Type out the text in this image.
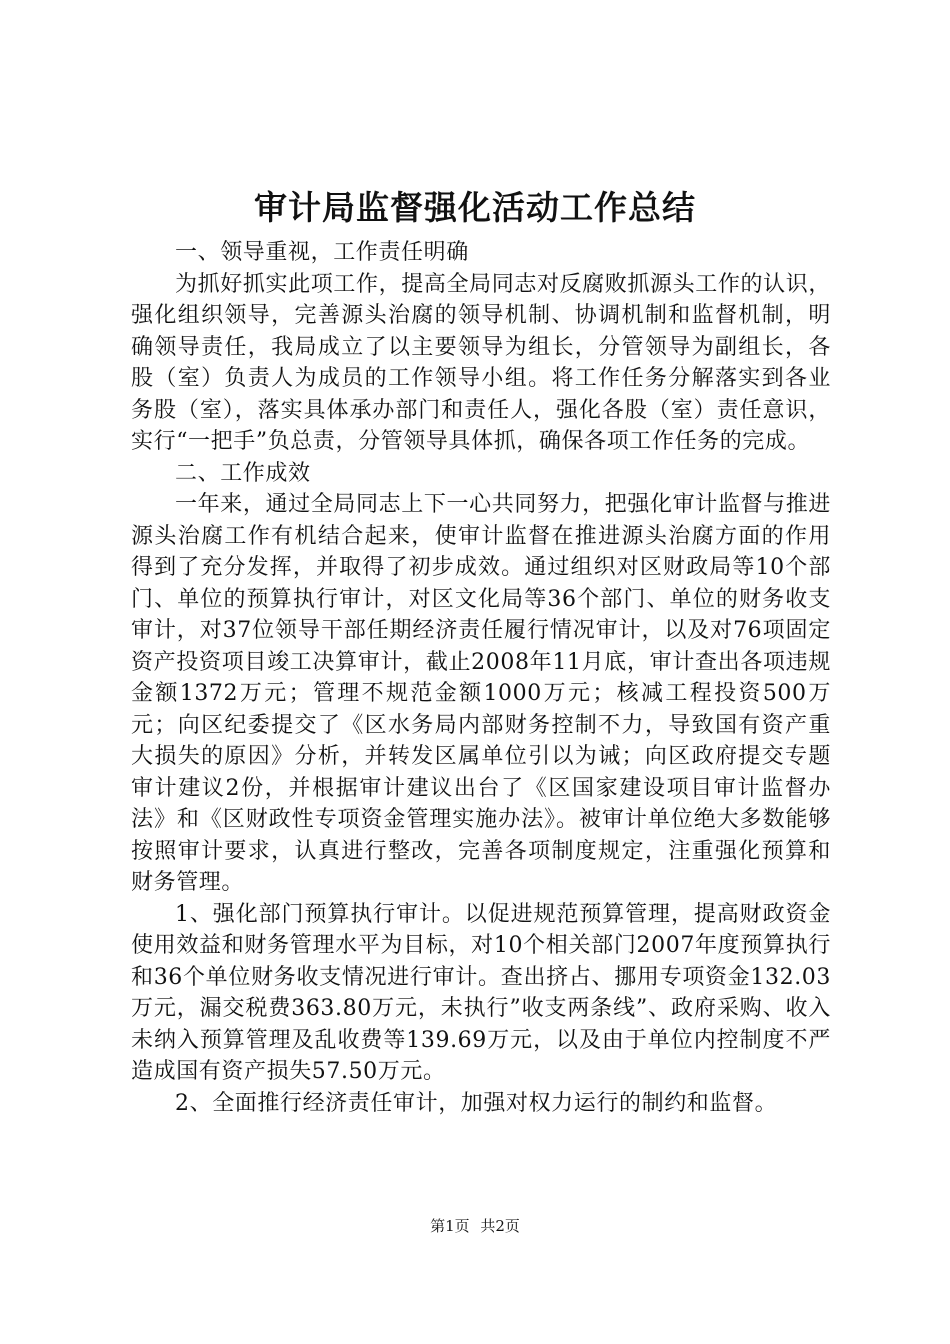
审计局监督强化活动工作总结

一、领导重视，工作责任明确

为抓好抓实此项工作，提高全局同志对反腐败抓源头工作的认识，强化组织领导，完善源头治腐的领导机制、协调机制和监督机制，明确领导责任，我局成立了以主要领导为组长，分管领导为副组长，各股（室）负责人为成员的工作领导小组。将工作任务分解落实到各业务股（室），落实具体承办部门和责任人，强化各股（室）责任意识，实行“一把手”负总责，分管领导具体抓，确保各项工作任务的完成。

二、工作成效

一年来，通过全局同志上下一心共同努力，把强化审计监督与推进源头治腐工作有机结合起来，使审计监督在推进源头治腐方面的作用得到了充分发挥，并取得了初步成效。通过组织对区财政局等10个部门、单位的预算执行审计，对区文化局等36个部门、单位的财务收支审计，对37位领导干部任期经济责任履行情况审计，以及对76项固定资产投资项目竣工决算审计，截止2008年11月底，审计查出各项违规金额1372万元；管理不规范金额1000万元；核减工程投资500万元；向区纪委提交了《区水务局内部财务控制不力，导致国有资产重大损失的原因》分析，并转发区属单位引以为诫；向区政府提交专题审计建议2份，并根据审计建议出台了《区国家建设项目审计监督办法》和《区财政性专项资金管理实施办法》。被审计单位绝大多数能够按照审计要求，认真进行整改，完善各项制度规定，注重强化预算和财务管理。

1、强化部门预算执行审计。以促进规范预算管理，提高财政资金使用效益和财务管理水平为目标，对10个相关部门2007年度预算执行和36个单位财务收支情况进行审计。查出挤占、挪用专项资金132.03万元，漏交税费363.80万元，未执行”收支两条线”、政府采购、收入未纳入预算管理及乱收费等139.69万元，以及由于单位内控制度不严造成国有资产损失57.50万元。

2、全面推行经济责任审计，加强对权力运行的制约和监督。

第1页 共2页
